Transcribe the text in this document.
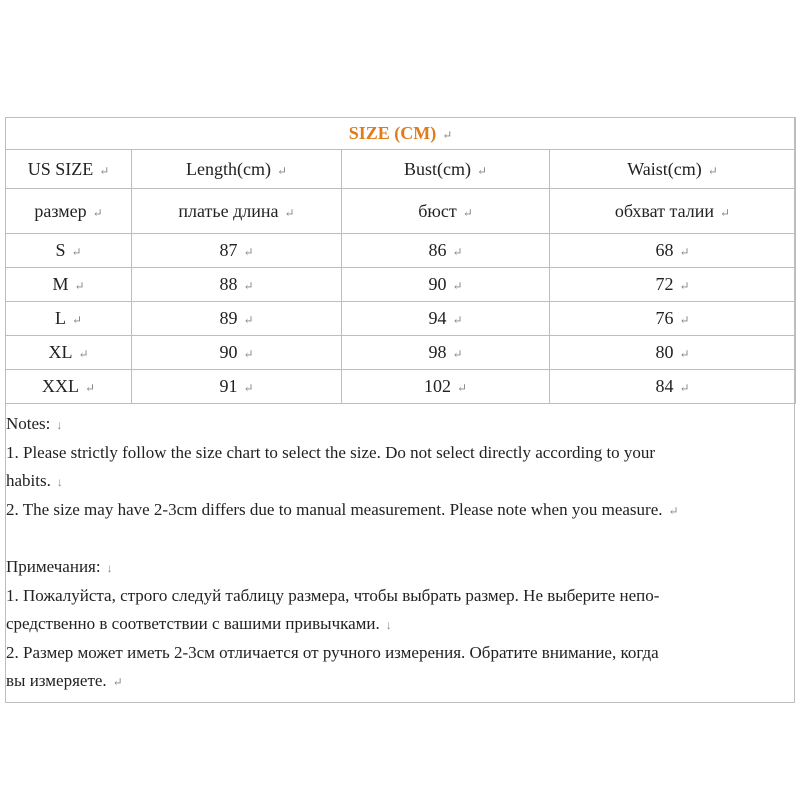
SIZE (CM) ↵			
US SIZE ↵	Length(cm) ↵	Bust(cm) ↵	Waist(cm) ↵
размер ↵	платье длина ↵	бюст ↵	обхват талии ↵
S ↵	87 ↵	86 ↵	68 ↵
M ↵	88 ↵	90 ↵	72 ↵
L ↵	89 ↵	94 ↵	76 ↵
XL ↵	90 ↵	98 ↵	80 ↵
XXL ↵	91 ↵	102 ↵	84 ↵

Notes: ↓

1. Please strictly follow the size chart to select the size. Do not select directly according to your

habits. ↓

2. The size may have 2-3cm differs due to manual measurement. Please note when you measure. ↵

Примечания: ↓

1. Пожалуйста, строго следуй таблицу размера, чтобы выбрать размер. Не выберите непо-

средственно в соответствии с вашими привычками. ↓

2. Размер может иметь 2-3см отличается от ручного измерения. Обратите внимание, когда

вы измеряете. ↵
